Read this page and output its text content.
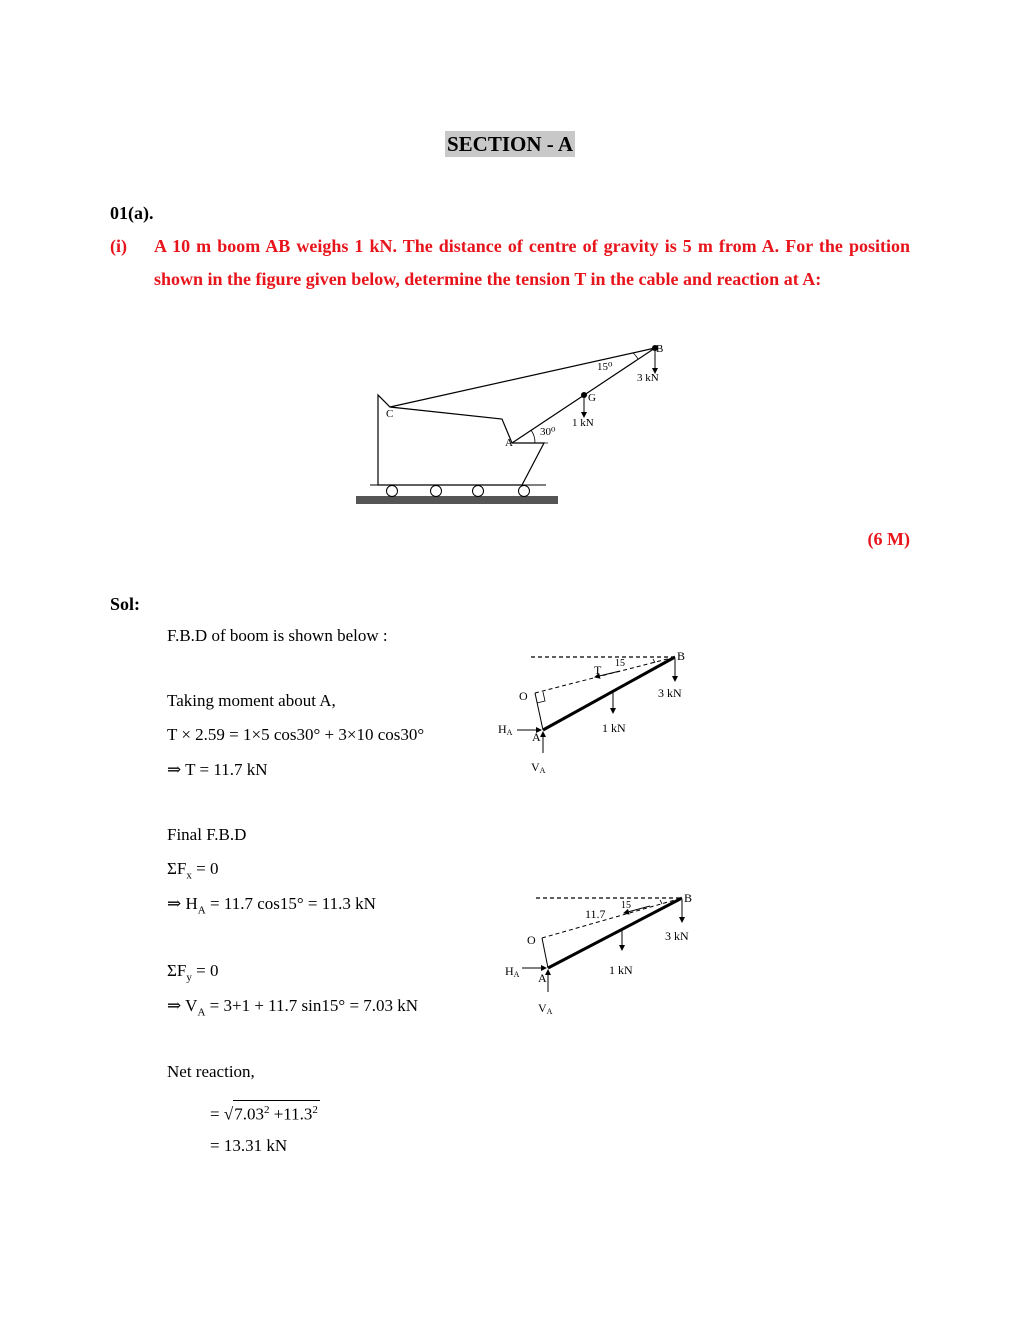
SECTION - A
01(a).
(i) A 10 m boom AB weighs 1 kN. The distance of centre of gravity is 5 m from A. For the position shown in the figure given below, determine the tension T in the cable and reaction at A:
B
G
C
A
15⁰
30⁰
3 kN
1 kN
(6 M)
Sol:
F.B.D of boom is shown below :
Taking moment about A,
T × 2.59 = 1×5 cos30° + 3×10 cos30°
⇒ T = 11.7 kN
B
T 15
O
HA A
VA
3 kN
1 kN
Final F.B.D
$\Sigma F_x = 0$
⇒ $H_A = 11.7$ cos15° = 11.3 kN	B
11.7
15
O
HA A
VA
3 kN
1 kN
$\Sigma F_y = 0$
⇒ $V_A = 3+1 + 11.7$ sin15° = 7.03 kN
Net reaction,
= $√7.03^2 +11.3^2$
= 13.31 kN
